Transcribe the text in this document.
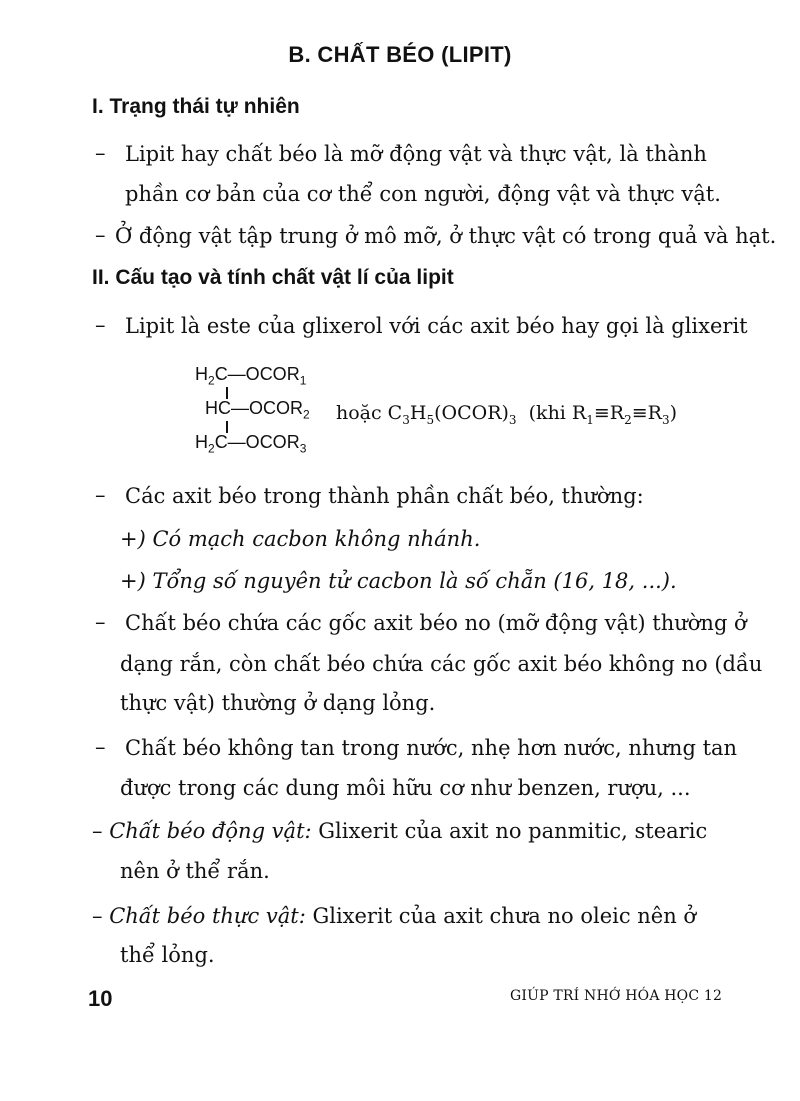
B. CHẤT BÉO (LIPIT)
I. Trạng thái tự nhiên
– Lipit hay chất béo là mỡ động vật và thực vật, là thành
phần cơ bản của cơ thể con người, động vật và thực vật.
– Ở động vật tập trung ở mô mỡ, ở thực vật có trong quả và hạt.
II. Cấu tạo và tính chất vật lí của lipit
– Lipit là este của glixerol với các axit béo hay gọi là glixerit
$H_2C—OCOR_1$
$HC—OCOR_2$
$H_2C—OCOR_3$
hoặc $C_3H_5(OCOR)_3$  (khi $R_1\equiv R_2\equiv R_3$)
– Các axit béo trong thành phần chất béo, thường:
+) Có mạch cacbon không nhánh.
+) Tổng số nguyên tử cacbon là số chẵn (16, 18, ...).
– Chất béo chứa các gốc axit béo no (mỡ động vật) thường ở
dạng rắn, còn chất béo chứa các gốc axit béo không no (dầu
thực vật) thường ở dạng lỏng.
– Chất béo không tan trong nước, nhẹ hơn nước, nhưng tan
được trong các dung môi hữu cơ như benzen, rượu, ...
– Chất béo động vật: Glixerit của axit no panmitic, stearic
nên ở thể rắn.
– Chất béo thực vật: Glixerit của axit chưa no oleic nên ở
thể lỏng.
10	GIÚP TRÍ NHỚ HÓA HỌC 12
